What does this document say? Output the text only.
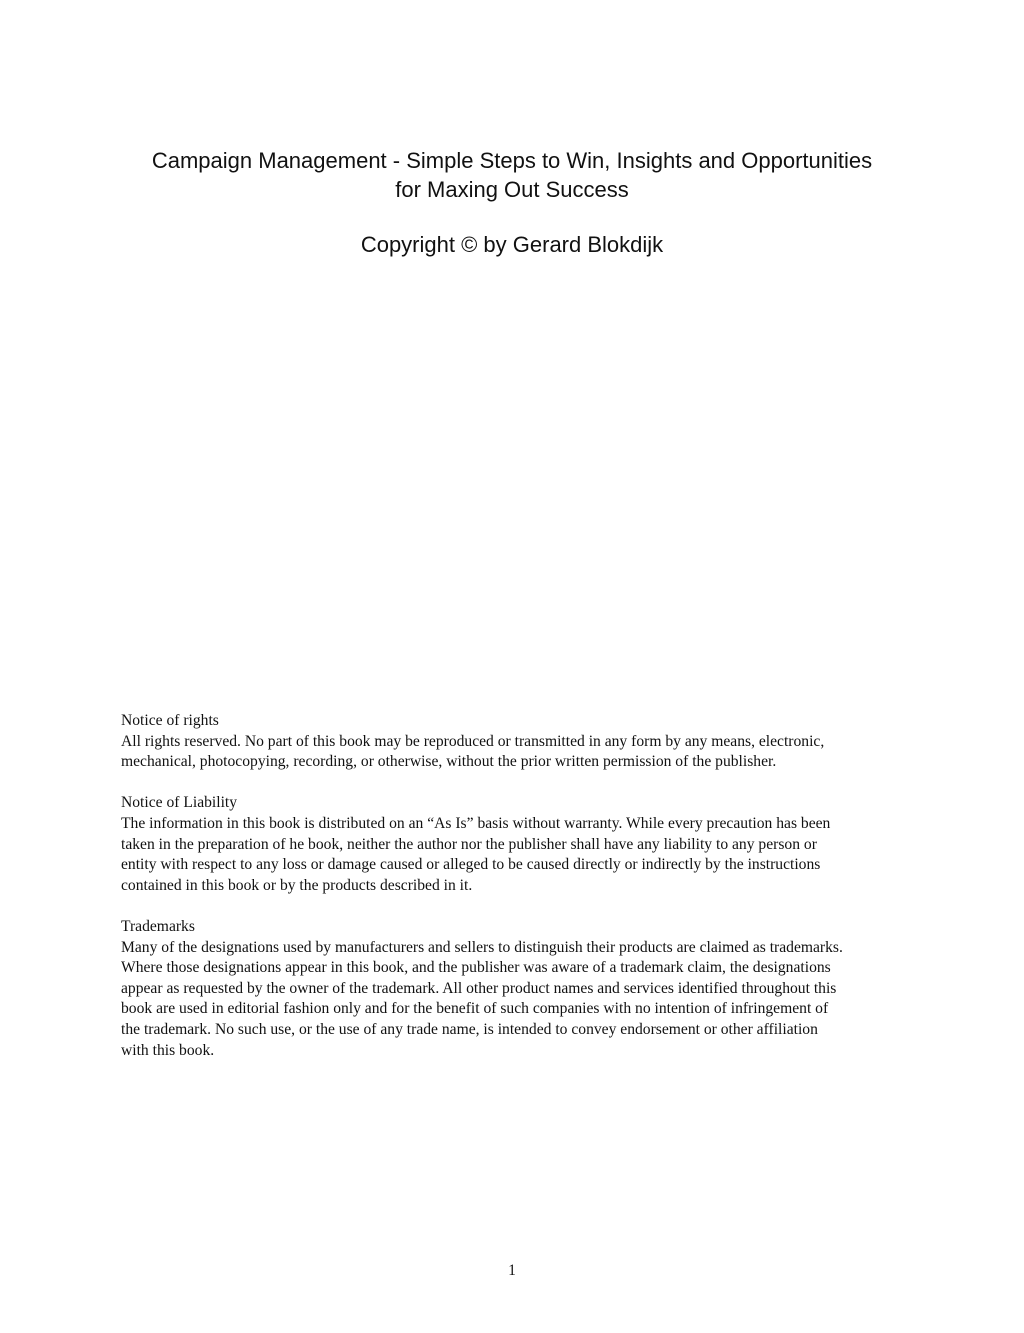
Campaign Management - Simple Steps to Win, Insights and Opportunities
for Maxing Out Success
Copyright © by Gerard Blokdijk
Notice of rights
All rights reserved. No part of this book may be reproduced or transmitted in any form by any means, electronic,
mechanical, photocopying, recording, or otherwise, without the prior written permission of the publisher.
Notice of Liability
The information in this book is distributed on an “As Is” basis without warranty. While every precaution has been
taken in the preparation of he book, neither the author nor the publisher shall have any liability to any person or
entity with respect to any loss or damage caused or alleged to be caused directly or indirectly by the instructions
contained in this book or by the products described in it.
Trademarks
Many of the designations used by manufacturers and sellers to distinguish their products are claimed as trademarks.
Where those designations appear in this book, and the publisher was aware of a trademark claim, the designations
appear as requested by the owner of the trademark. All other product names and services identified throughout this
book are used in editorial fashion only and for the benefit of such companies with no intention of infringement of
the trademark. No such use, or the use of any trade name, is intended to convey endorsement or other affiliation
with this book.
1
